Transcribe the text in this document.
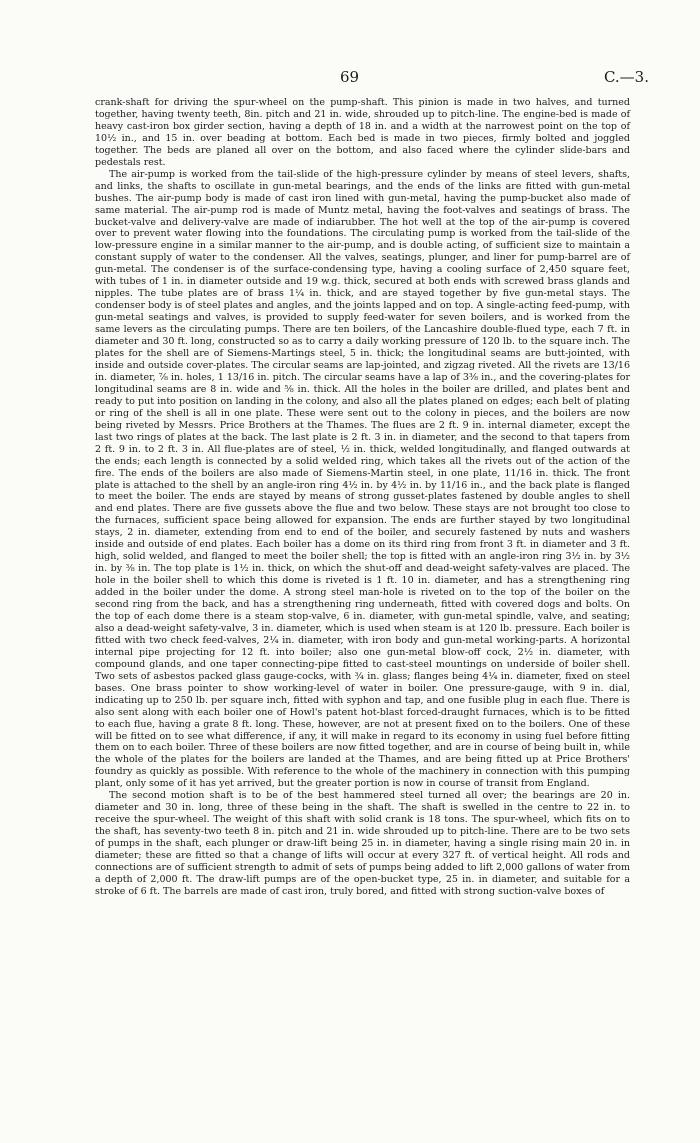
69	C.—3.

crank-shaft for driving the spur-wheel on the pump-shaft. This pinion is made in two halves, and turned together, having twenty teeth, 8in. pitch and 21 in. wide, shrouded up to pitch-line. The engine-bed is made of heavy cast-iron box girder section, having a depth of 18 in. and a width at the narrowest point on the top of 10½ in., and 15 in. over beading at bottom. Each bed is made in two pieces, firmly bolted and joggled together. The beds are planed all over on the bottom, and also faced where the cylinder slide-bars and pedestals rest.

The air-pump is worked from the tail-slide of the high-pressure cylinder by means of steel levers, shafts, and links, the shafts to oscillate in gun-metal bearings, and the ends of the links are fitted with gun-metal bushes. The air-pump body is made of cast iron lined with gun-metal, having the pump-bucket also made of same material. The air-pump rod is made of Muntz metal, having the foot-valves and seatings of brass. The bucket-valve and delivery-valve are made of indiarubber. The hot well at the top of the air-pump is covered over to prevent water flowing into the foundations. The circulating pump is worked from the tail-slide of the low-pressure engine in a similar manner to the air-pump, and is double acting, of sufficient size to maintain a constant supply of water to the condenser. All the valves, seatings, plunger, and liner for pump-barrel are of gun-metal. The condenser is of the surface-condensing type, having a cooling surface of 2,450 square feet, with tubes of 1 in. in diameter outside and 19 w.g. thick, secured at both ends with screwed brass glands and nipples. The tube plates are of brass 1¼ in. thick, and are stayed together by five gun-metal stays. The condenser body is of steel plates and angles, and the joints lapped and on top. A single-acting feed-pump, with gun-metal seatings and valves, is provided to supply feed-water for seven boilers, and is worked from the same levers as the circulating pumps. There are ten boilers, of the Lancashire double-flued type, each 7 ft. in diameter and 30 ft. long, constructed so as to carry a daily working pressure of 120 lb. to the square inch. The plates for the shell are of Siemens-Martings steel, 5 in. thick; the longitudinal seams are butt-jointed, with inside and outside cover-plates. The circular seams are lap-jointed, and zigzag riveted. All the rivets are 13/16 in. diameter, ⅞ in. holes, 1 13/16 in. pitch. The circular seams have a lap of 3⅜ in., and the covering-plates for longitudinal seams are 8 in. wide and ⅝ in. thick. All the holes in the boiler are drilled, and plates bent and ready to put into position on landing in the colony, and also all the plates planed on edges; each belt of plating or ring of the shell is all in one plate. These were sent out to the colony in pieces, and the boilers are now being riveted by Messrs. Price Brothers at the Thames. The flues are 2 ft. 9 in. internal diameter, except the last two rings of plates at the back. The last plate is 2 ft. 3 in. in diameter, and the second to that tapers from 2 ft. 9 in. to 2 ft. 3 in. All flue-plates are of steel, ½ in. thick, welded longitudinally, and flanged outwards at the ends; each length is connected by a solid welded ring, which takes all the rivets out of the action of the fire. The ends of the boilers are also made of Siemens-Martin steel, in one plate, 11/16 in. thick. The front plate is attached to the shell by an angle-iron ring 4½ in. by 4½ in. by 11/16 in., and the back plate is flanged to meet the boiler. The ends are stayed by means of strong gusset-plates fastened by double angles to shell and end plates. There are five gussets above the flue and two below. These stays are not brought too close to the furnaces, sufficient space being allowed for expansion. The ends are further stayed by two longitudinal stays, 2 in. diameter, extending from end to end of the boiler, and securely fastened by nuts and washers inside and outside of end plates. Each boiler has a dome on its third ring from front 3 ft. in diameter and 3 ft. high, solid welded, and flanged to meet the boiler shell; the top is fitted with an angle-iron ring 3½ in. by 3½ in. by ⅜ in. The top plate is 1½ in. thick, on which the shut-off and dead-weight safety-valves are placed. The hole in the boiler shell to which this dome is riveted is 1 ft. 10 in. diameter, and has a strengthening ring added in the boiler under the dome. A strong steel man-hole is riveted on to the top of the boiler on the second ring from the back, and has a strengthening ring underneath, fitted with covered dogs and bolts. On the top of each dome there is a steam stop-valve, 6 in. diameter, with gun-metal spindle, valve, and seating; also a dead-weight safety-valve, 3 in. diameter, which is used when steam is at 120 lb. pressure. Each boiler is fitted with two check feed-valves, 2¼ in. diameter, with iron body and gun-metal working-parts. A horizontal internal pipe projecting for 12 ft. into boiler; also one gun-metal blow-off cock, 2½ in. diameter, with compound glands, and one taper connecting-pipe fitted to cast-steel mountings on underside of boiler shell. Two sets of asbestos packed glass gauge-cocks, with ¾ in. glass; flanges being 4¼ in. diameter, fixed on steel bases. One brass pointer to show working-level of water in boiler. One pressure-gauge, with 9 in. dial, indicating up to 250 lb. per square inch, fitted with syphon and tap, and one fusible plug in each flue. There is also sent along with each boiler one of Howl's patent hot-blast forced-draught furnaces, which is to be fitted to each flue, having a grate 8 ft. long. These, however, are not at present fixed on to the boilers. One of these will be fitted on to see what difference, if any, it will make in regard to its economy in using fuel before fitting them on to each boiler. Three of these boilers are now fitted together, and are in course of being built in, while the whole of the plates for the boilers are landed at the Thames, and are being fitted up at Price Brothers' foundry as quickly as possible. With reference to the whole of the machinery in connection with this pumping plant, only some of it has yet arrived, but the greater portion is now in course of transit from England.

The second motion shaft is to be of the best hammered steel turned all over; the bearings are 20 in. diameter and 30 in. long, three of these being in the shaft. The shaft is swelled in the centre to 22 in. to receive the spur-wheel. The weight of this shaft with solid crank is 18 tons. The spur-wheel, which fits on to the shaft, has seventy-two teeth 8 in. pitch and 21 in. wide shrouded up to pitch-line. There are to be two sets of pumps in the shaft, each plunger or draw-lift being 25 in. in diameter, having a single rising main 20 in. in diameter; these are fitted so that a change of lifts will occur at every 327 ft. of vertical height. All rods and connections are of sufficient strength to admit of sets of pumps being added to lift 2,000 gallons of water from a depth of 2,000 ft. The draw-lift pumps are of the open-bucket type, 25 in. in diameter, and suitable for a stroke of 6 ft. The barrels are made of cast iron, truly bored, and fitted with strong suction-valve boxes of
